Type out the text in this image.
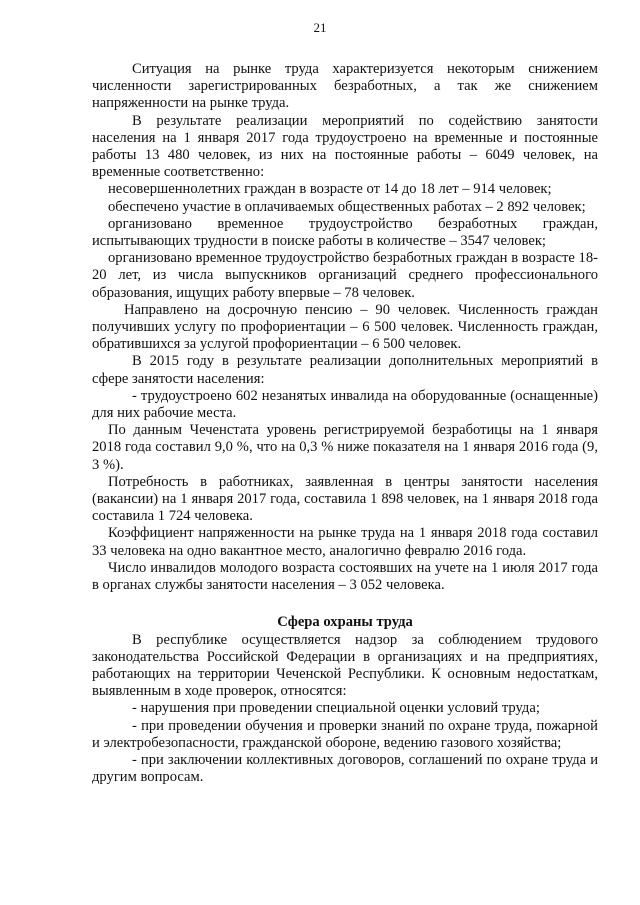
21

Ситуация на рынке труда характеризуется некоторым снижением численности зарегистрированных безработных, а так же снижением напряженности на рынке труда.

В результате реализации мероприятий по содействию занятости населения на 1 января 2017 года трудоустроено на временные и постоянные работы 13 480 человек, из них на постоянные работы – 6049 человек, на временные соответственно:

несовершеннолетних граждан в возрасте от 14 до 18 лет – 914 человек;

обеспечено участие в оплачиваемых общественных работах – 2 892 человек;

организовано временное трудоустройство безработных граждан, испытывающих трудности в поиске работы в количестве – 3547 человек;

организовано временное трудоустройство безработных граждан в возрасте 18-20 лет, из числа выпускников организаций среднего профессионального образования, ищущих работу впервые – 78 человек.

Направлено на досрочную пенсию – 90 человек. Численность граждан получивших услугу по профориентации – 6 500 человек. Численность граждан, обратившихся за услугой профориентации – 6 500 человек.

В 2015 году в результате реализации дополнительных мероприятий в сфере занятости населения:

- трудоустроено 602 незанятых инвалида на оборудованные (оснащенные) для них рабочие места.

По данным Чеченстата уровень регистрируемой безработицы на 1 января 2018 года составил 9,0 %, что на 0,3 % ниже показателя на 1 января 2016 года (9, 3 %).

Потребность в работниках, заявленная в центры занятости населения (вакансии) на 1 января 2017 года, составила 1 898 человек, на 1 января 2018 года составила 1 724 человека.

Коэффициент напряженности на рынке труда на 1 января 2018 года составил 33 человека на одно вакантное место, аналогично февралю 2016 года.

Число инвалидов молодого возраста состоявших на учете на 1 июля 2017 года в органах службы занятости населения – 3 052 человека.

Сфера охраны труда

В республике осуществляется надзор за соблюдением трудового законодательства Российской Федерации в организациях и на предприятиях, работающих на территории Чеченской Республики. К основным недостаткам, выявленным в ходе проверок, относятся:

- нарушения при проведении специальной оценки условий труда;

- при проведении обучения и проверки знаний по охране труда, пожарной и электробезопасности, гражданской обороне, ведению газового хозяйства;

- при заключении коллективных договоров, соглашений по охране труда и другим вопросам.
